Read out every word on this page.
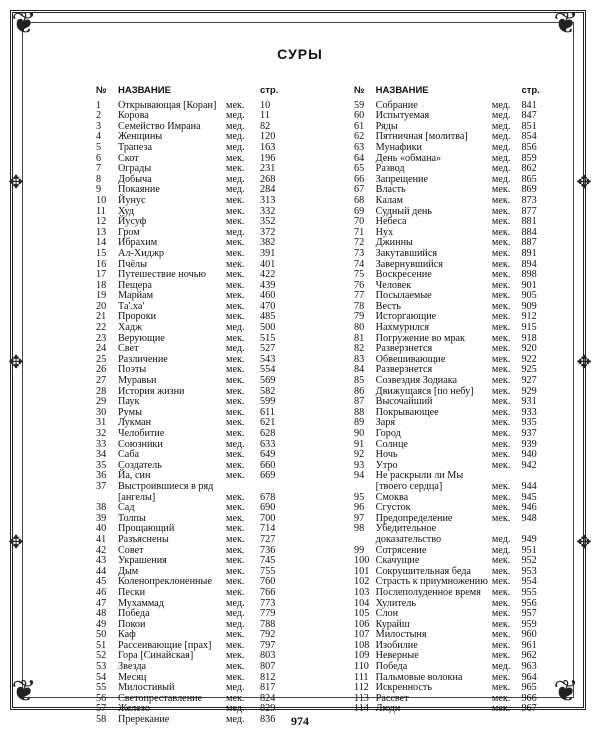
❦	❦
❦	❦
✥
✥
✥
✥
✥
✥
СУРЫ
№	НАЗВАНИЕ	стр.
1	Открывающая [Коран] мек.	10
2	Корова	мед.	11
3	Семейство Имрана	мед.	82
4	Женщины	мед.	120
5	Трапеза	мед.	163
6	Скот	мек.	196
7	Ограды	мек.	231
8	Добыча	мед.	268
9	Покаяние	мед.	284
10	Йунус	мек.	313
11	Худ	мек.	332
12	Йусуф	мек.	352
13	Гром	мед.	372
14	Ибрахим	мек.	382
15	Ал-Хиджр	мек.	391
16	Пчёлы	мек.	401
17	Путешествие ночью	мек.	422
18	Пещера	мек.	439
19	Марйам	мек.	460
20	Та'.ха'	мек.	470
21	Пророки	мек.	485
22	Хадж	мед.	500
23	Верующие	мек.	515
24	Свет	мед.	527
25	Различение	мек.	543
26	Поэты	мек.	554
27	Муравьи	мек.	569
28	История жизни	мек.	582
29	Паук	мек.	599
30	Румы	мек.	611
31	Лукман	мек.	621
32	Челобитие	мек.	628
33	Союзники	мед.	633
34	Саба	мек.	649
35	Создатель	мек.	660
36	Йа, син	мек.	669
37	Выстроившиеся в ряд [ангелы]	мек.	678
38	Сад	мек.	690
39	Толпы	мек.	700
40	Прощающий	мек.	714
41	Разъяснены	мек.	727
42	Совет	мек.	736
43	Украшения	мек.	745
44	Дым	мек.	755
45	Коленопреклоненные	мек.	760
46	Пески	мек.	766
47	Мухаммад	мед.	773
48	Победа	мед.	779
49	Покои	мед.	788
50	Каф	мек.	792
51	Рассеивающие [прах]	мек.	797
52	Гора [Синайская]	мек.	803
53	Звезда	мек.	807
54	Месяц	мек.	812
55	Милостивый	мед.	817
56	Светопреставление	мек.	824
57	Железо	мед.	829
58	Пререкание	мед.	836
№	НАЗВАНИЕ	стр.
59	Собрание	мед.	841
60	Испытуемая	мед.	847
61	Ряды	мед.	851
62	Пятничная [молитва]	мед.	854
63	Мунафики	мед.	856
64	День «обмана»	мед.	859
65	Развод	мед.	862
66	Запрещение	мед.	865
67	Власть	мек.	869
68	Калам	мек.	873
69	Судный день	мек.	877
70	Небеса	мек.	881
71	Нух	мек.	884
72	Джинны	мек.	887
73	Закутавшийся	мек.	891
74	Завернувшийся	мек.	894
75	Воскресение	мек.	898
76	Человек	мек.	901
77	Посылаемые	мек.	905
78	Весть	мек.	909
79	Исторгающие	мек.	912
80	Нахмурился	мек.	915
81	Погружение во мрак	мек.	918
82	Разверзнется	мек.	920
83	Обвешивающие	мек.	922
84	Разверзнется	мек.	925
85	Созвездия Зодиака	мек.	927
86	Движущаяся [по небу]	мек.	929
87	Высочайший	мек.	931
88	Покрывающее	мек.	933
89	Заря	мек.	935
90	Город	мек.	937
91	Солнце	мек.	939
92	Ночь	мек.	940
93	Утро	мек.	942
94	Не раскрыли ли Мы [твоего сердца]	мек.	944
95	Смоква	мек.	945
96	Сгусток	мек.	946
97	Предопределение	мек.	948
98	Убедительное доказательство	мед.	949
99	Сотрясение	мед.	951
100 Скачущие	мек.	952
101 Сокрушительная беда	мек.	953
102 Страсть к приумножению мек.	954
103 Послеполуденное время	мек.	955
104 Хулитель	мек.	956
105 Слон	мек.	957
106 Курайш	мек.	959
107 Милостыня	мек.	960
108 Изобилие	мек.	961
109 Неверные	мек.	962
110 Победа	мед.	963
111 Пальмовые волокна	мек.	964
112 Искренность	мек.	965
113 Рассвет	мек.	966
114 Люди	мек.	967
974
